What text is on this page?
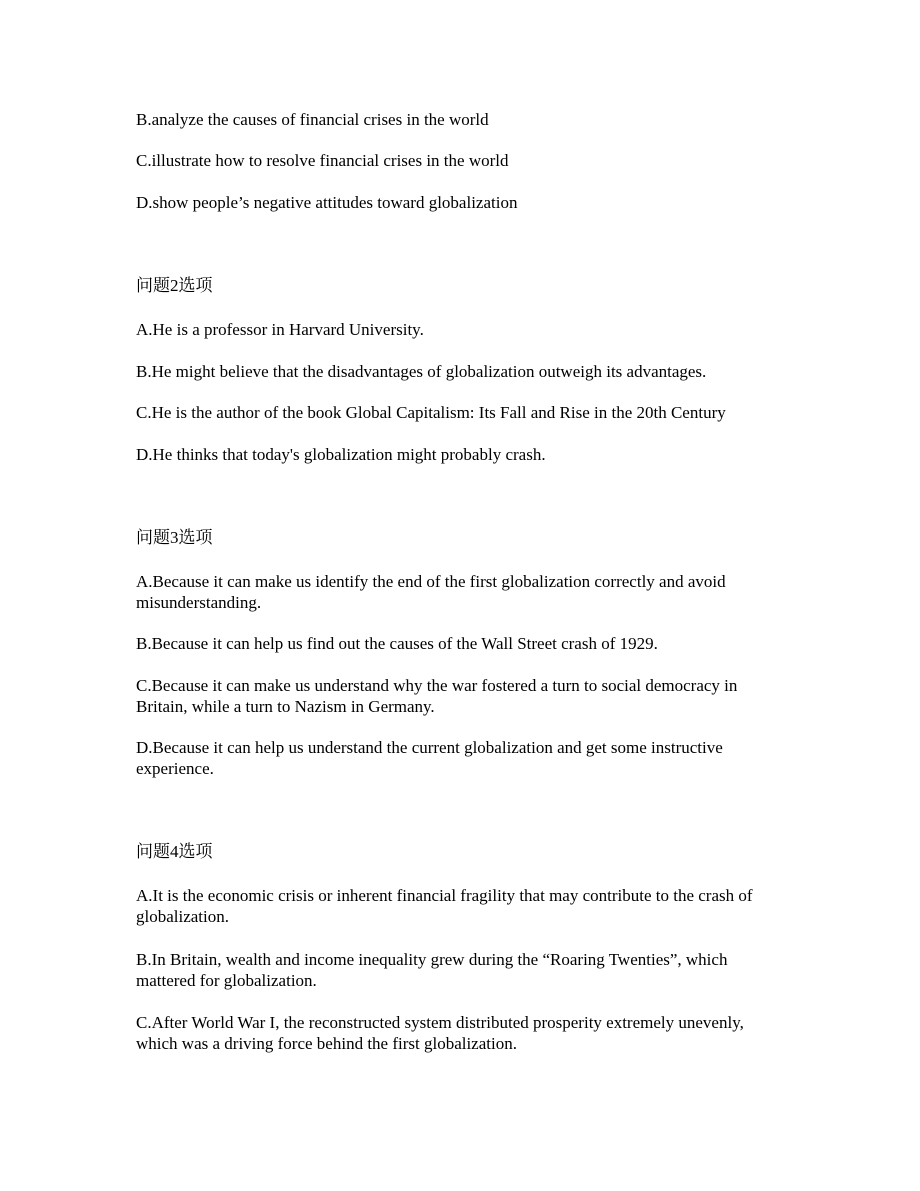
B.analyze the causes of financial crises in the world

C.illustrate how to resolve financial crises in the world

D.show people’s negative attitudes toward globalization

问题2选项

A.He is a professor in Harvard University.

B.He might believe that the disadvantages of globalization outweigh its advantages.

C.He is the author of the book Global Capitalism: Its Fall and Rise in the 20th Century

D.He thinks that today's globalization might probably crash.

问题3选项

A.Because it can make us identify the end of the first globalization correctly and avoid misunderstanding.

B.Because it can help us find out the causes of the Wall Street crash of 1929.

C.Because it can make us understand why the war fostered a turn to social democracy in Britain, while a turn to Nazism in Germany.

D.Because it can help us understand the current globalization and get some instructive experience.

问题4选项

A.It is the economic crisis or inherent financial fragility that may contribute to the crash of globalization.

B.In Britain, wealth and income inequality grew during the “Roaring Twenties”, which mattered for globalization.

C.After World War I, the reconstructed system distributed prosperity extremely unevenly, which was a driving force behind the first globalization.
